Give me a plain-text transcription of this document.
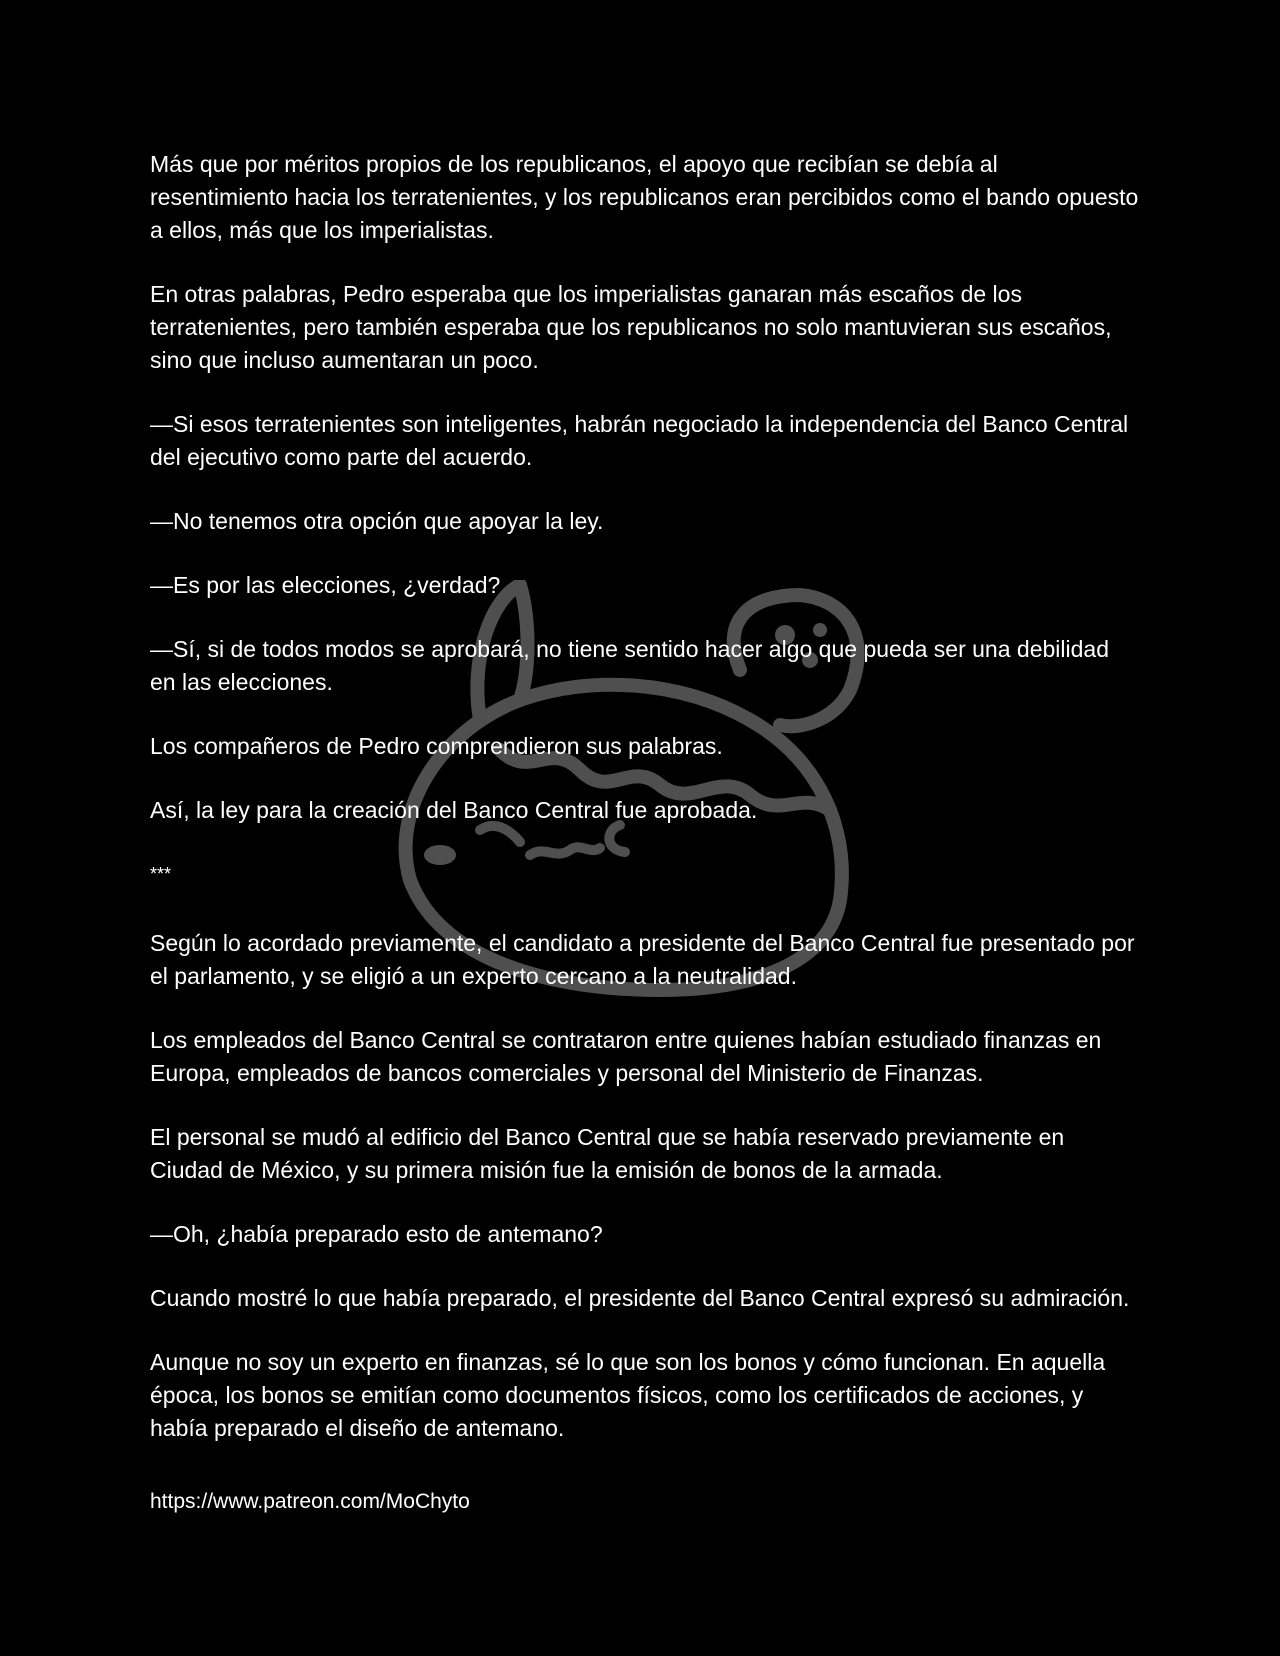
Más que por méritos propios de los republicanos, el apoyo que recibían se debía al resentimiento hacia los terratenientes, y los republicanos eran percibidos como el bando opuesto a ellos, más que los imperialistas.

En otras palabras, Pedro esperaba que los imperialistas ganaran más escaños de los terratenientes, pero también esperaba que los republicanos no solo mantuvieran sus escaños, sino que incluso aumentaran un poco.

—Si esos terratenientes son inteligentes, habrán negociado la independencia del Banco Central del ejecutivo como parte del acuerdo.

—No tenemos otra opción que apoyar la ley.

—Es por las elecciones, ¿verdad?

—Sí, si de todos modos se aprobará, no tiene sentido hacer algo que pueda ser una debilidad en las elecciones.

Los compañeros de Pedro comprendieron sus palabras.

Así, la ley para la creación del Banco Central fue aprobada.

***

Según lo acordado previamente, el candidato a presidente del Banco Central fue presentado por el parlamento, y se eligió a un experto cercano a la neutralidad.

Los empleados del Banco Central se contrataron entre quienes habían estudiado finanzas en Europa, empleados de bancos comerciales y personal del Ministerio de Finanzas.

El personal se mudó al edificio del Banco Central que se había reservado previamente en Ciudad de México, y su primera misión fue la emisión de bonos de la armada.

—Oh, ¿había preparado esto de antemano?

Cuando mostré lo que había preparado, el presidente del Banco Central expresó su admiración.

Aunque no soy un experto en finanzas, sé lo que son los bonos y cómo funcionan. En aquella época, los bonos se emitían como documentos físicos, como los certificados de acciones, y había preparado el diseño de antemano.

https://www.patreon.com/MoChyto
